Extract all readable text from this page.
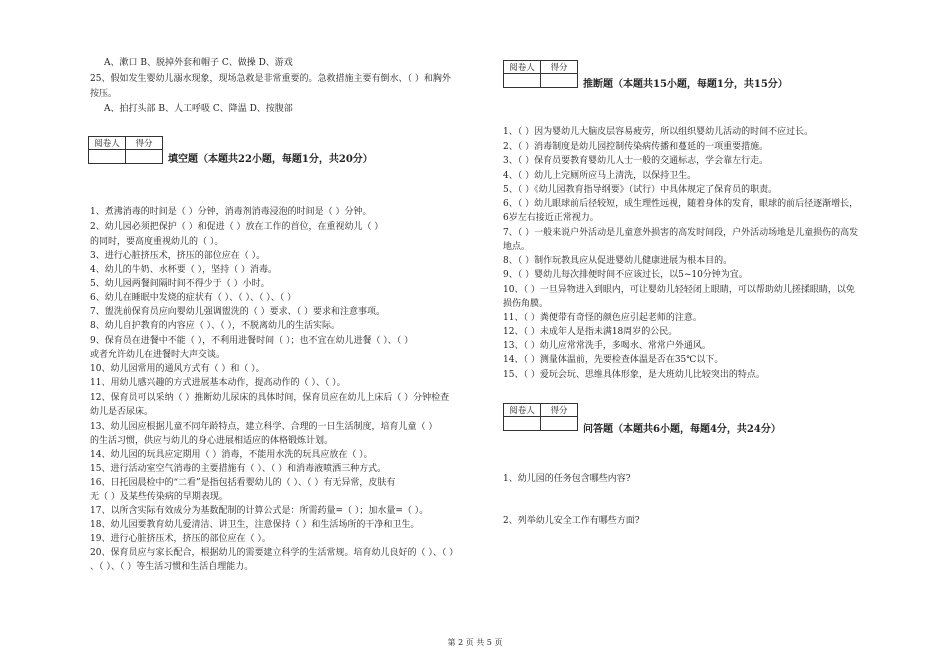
A、漱口 B、脱掉外套和帽子 C、做操 D、游戏
25、假如发生婴幼儿溺水现象，现场急救是非常重要的。急救措施主要有倒水、（ ）和胸外
按压。
A、拍打头部 B、人工呼吸 C、降温 D、按腹部
阅卷人	得分

填空题（本题共22小题，每题1分，共20分）
1、煮沸消毒的时间是（ ）分钟，消毒剂消毒浸泡的时间是（ ）分钟。
2、幼儿园必须把保护（ ）和促进（ ）放在工作的首位，在重视幼儿（ ）
的同时，要高度重视幼儿的（ ）。
3、进行心脏挤压术，挤压的部位应在（ ）。
4、幼儿的牛奶、水杯要（ ），坚持（ ）消毒。
5、幼儿园两餐间隔时间不得少于（ ）小时。
6、幼儿在睡眠中发烧的症状有（ ）、（ ）、（ ）、（ ）
7、盥洗前保育员应向婴幼儿强调盥洗的（ ）要求、（ ）要求和注意事项。
8、幼儿自护教育的内容应（ ）、（ ），不脱离幼儿的生活实际。
9、保育员在进餐中不能（ ），不利用进餐时间（ ）；也不宜在幼儿进餐（ ）、（ ）
或者允许幼儿在进餐时大声交谈。
10、幼儿园常用的通风方式有（ ）和（ ）。
11、用幼儿感兴趣的方式进展基本动作，提高动作的（ ）、（ ）。
12、保育员可以采纳（ ）推断幼儿尿床的具体时间，保育员应在幼儿上床后（ ）分钟检查
幼儿是否尿床。
13、幼儿园应根据儿童不同年龄特点，建立科学、合理的一日生活制度，培育儿童（ ）
的生活习惯，供应与幼儿的身心进展相适应的体格锻炼计划。
14、幼儿园的玩具应定期用（ ）消毒，不能用水洗的玩具应放在（ ）。
15、进行活动室空气消毒的主要措施有（ ）、（ ）和消毒液喷洒三种方式。
16、日托园晨检中的“二看”是指包括看婴幼儿的（ ）、（ ）有无异常，皮肤有
无（ ）及某些传染病的早期表现。
17、以所含实际有效成分为基数配制的计算公式是：所需药量=（ ）；加水量=（ ）。
18、幼儿园要教育幼儿爱清洁、讲卫生，注意保持（ ）和生活场所的干净和卫生。
19、进行心脏挤压术，挤压的部位应在（ ）。
20、保育员应与家长配合，根据幼儿的需要建立科学的生活常规。培育幼儿良好的（ ）、（ ）
、（ ）、（ ）等生活习惯和生活自理能力。
阅卷人	得分

推断题（本题共15小题，每题1分，共15分）
1、（ ）因为婴幼儿大脑皮层容易疲劳，所以组织婴幼儿活动的时间不应过长。
2、（ ）消毒制度是幼儿园控制传染病传播和蔓延的一项重要措施。
3、（ ）保育员要教育婴幼儿人士一般的交通标志，学会靠左行走。
4、（ ）幼儿上完厕所应马上清洗，以保持卫生。
5、（ ）《幼儿园教育指导纲要》（试行）中具体规定了保育员的职责。
6、（ ）幼儿眼球前后径较短，成生理性远视，随着身体的发育，眼球的前后径逐渐增长，
6岁左右接近正常视力。
7、（ ）一般来说户外活动是儿童意外损害的高发时间段，户外活动场地是儿童损伤的高发
地点。
8、（ ）制作玩教具应从促进婴幼儿健康进展为根本目的。
9、（ ）婴幼儿每次排便时间不应该过长，以5~10分钟为宜。
10、（ ）一旦异物进入到眼内，可让婴幼儿轻轻闭上眼睛，可以帮助幼儿搓揉眼睛，以免
损伤角膜。
11、（ ）粪便带有奇怪的颜色应引起老师的注意。
12、（ ）未成年人是指未满18周岁的公民。
13、（ ）幼儿应常常洗手，多喝水、常常户外通风。
14、（ ）测量体温前，先要检查体温是否在35℃以下。
15、（ ）爱玩会玩、思维具体形象，是大班幼儿比较突出的特点。
阅卷人	得分

问答题（本题共6小题，每题4分，共24分）
1、幼儿园的任务包含哪些内容?
2、列举幼儿安全工作有哪些方面?
第 2 页 共 5 页
